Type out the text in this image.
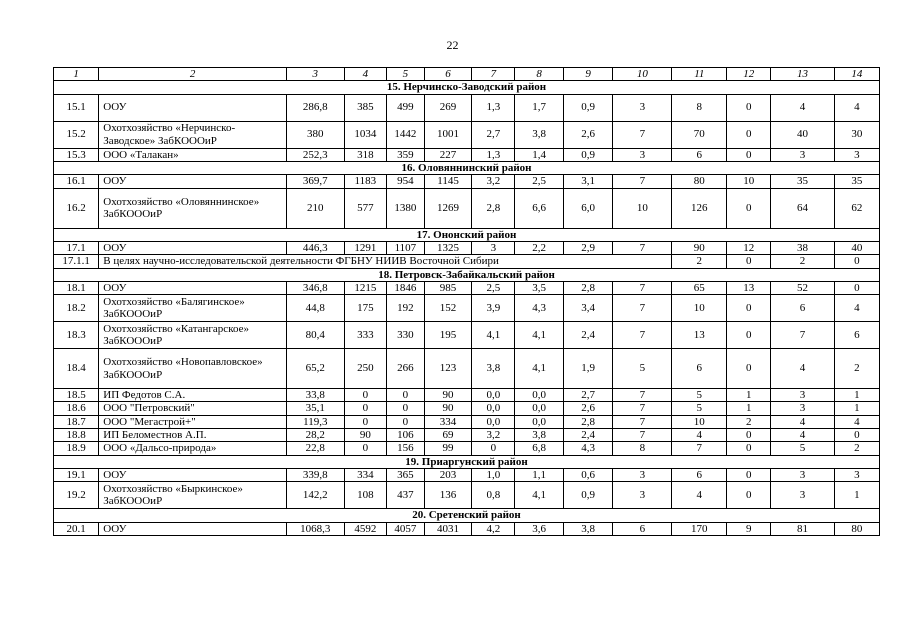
22
1	2	3	4	5	6	7	8	9	10	11	12	13	14
15. Нерчинско-Заводский район													
15.1	ООУ	286,8	385	499	269	1,3	1,7	0,9	3	8	0	4	4
15.2	Охотхозяйство «Нерчинско-Заводское» ЗабКОООиР	380	1034	1442	1001	2,7	3,8	2,6	7	70	0	40	30
15.3	ООО «Талакан»	252,3	318	359	227	1,3	1,4	0,9	3	6	0	3	3
16. Оловяннинский район													
16.1	ООУ	369,7	1183	954	1145	3,2	2,5	3,1	7	80	10	35	35
16.2	Охотхозяйство «Оловяннинское» ЗабКОООиР	210	577	1380	1269	2,8	6,6	6,0	10	126	0	64	62
17. Ононский район													
17.1	ООУ	446,3	1291	1107	1325	3	2,2	2,9	7	90	12	38	40
17.1.1	В целях научно-исследовательской деятельности ФГБНУ НИИВ Восточной Сибири									2	0	2	0
18. Петровск-Забайкальский район													
18.1	ООУ	346,8	1215	1846	985	2,5	3,5	2,8	7	65	13	52	0
18.2	Охотхозяйство «Балягинское» ЗабКОООиР	44,8	175	192	152	3,9	4,3	3,4	7	10	0	6	4
18.3	Охотхозяйство «Катангарское» ЗабКОООиР	80,4	333	330	195	4,1	4,1	2,4	7	13	0	7	6
18.4	Охотхозяйство «Новопавловское» ЗабКОООиР	65,2	250	266	123	3,8	4,1	1,9	5	6	0	4	2
18.5	ИП Федотов С.А.	33,8	0	0	90	0,0	0,0	2,7	7	5	1	3	1
18.6	ООО "Петровский"	35,1	0	0	90	0,0	0,0	2,6	7	5	1	3	1
18.7	ООО "Мегастрой+"	119,3	0	0	334	0,0	0,0	2,8	7	10	2	4	4
18.8	ИП Беломестнов А.П.	28,2	90	106	69	3,2	3,8	2,4	7	4	0	4	0
18.9	ООО «Дальсо-природа»	22,8	0	156	99	0	6,8	4,3	8	7	0	5	2
19. Приаргунский район													
19.1	ООУ	339,8	334	365	203	1,0	1,1	0,6	3	6	0	3	3
19.2	Охотхозяйство «Быркинское» ЗабКОООиР	142,2	108	437	136	0,8	4,1	0,9	3	4	0	3	1
20. Сретенский район													
20.1	ООУ	1068,3	4592	4057	4031	4,2	3,6	3,8	6	170	9	81	80
